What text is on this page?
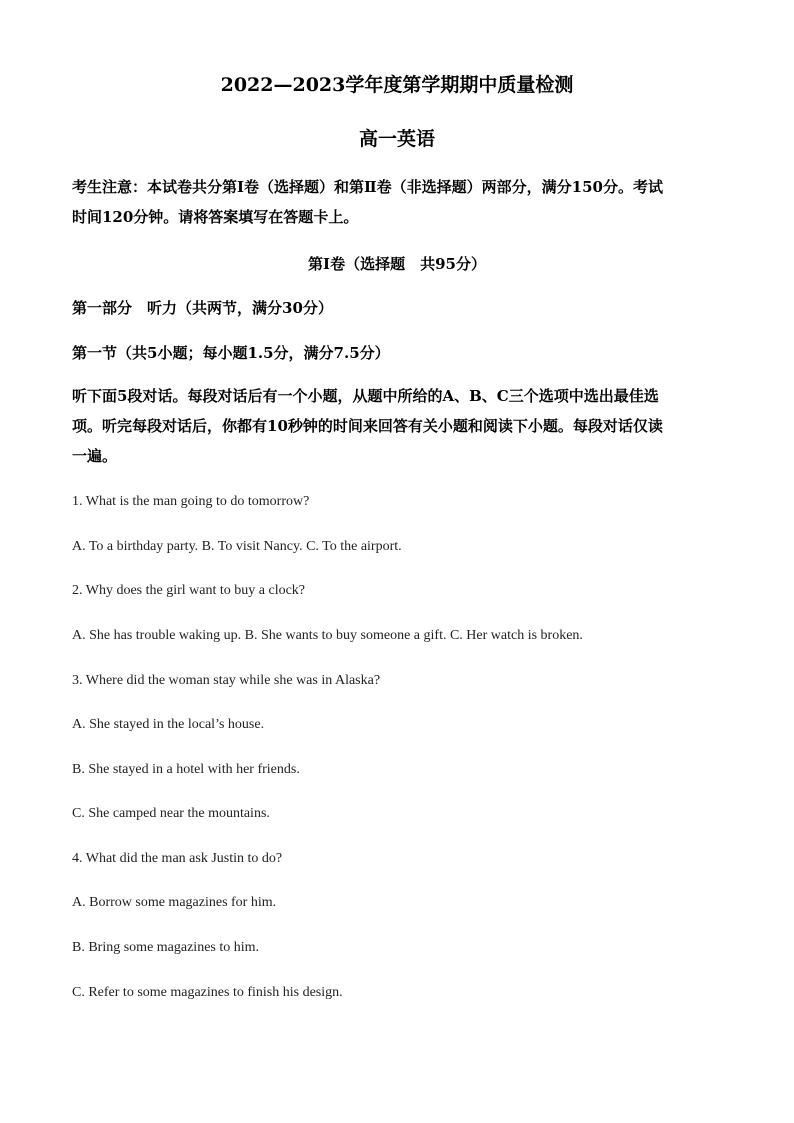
2022—2023学年度第学期期中质量检测
高一英语
考生注意：本试卷共分第Ⅰ卷（选择题）和第Ⅱ卷（非选择题）两部分，满分150分。考试
时间120分钟。请将答案填写在答题卡上。
第Ⅰ卷（选择题　共95分）
第一部分　听力（共两节，满分30分）
第一节（共5小题；每小题1.5分，满分7.5分）
听下面5段对话。每段对话后有一个小题，从题中所给的A、B、C三个选项中选出最佳选
项。听完每段对话后，你都有10秒钟的时间来回答有关小题和阅读下小题。每段对话仅读
一遍。
1. What is the man going to do tomorrow?
A. To a birthday party. B. To visit Nancy. C. To the airport.
2. Why does the girl want to buy a clock?
A. She has trouble waking up. B. She wants to buy someone a gift. C. Her watch is broken.
3. Where did the woman stay while she was in Alaska?
A. She stayed in the local’s house.
B. She stayed in a hotel with her friends.
C. She camped near the mountains.
4. What did the man ask Justin to do?
A. Borrow some magazines for him.
B. Bring some magazines to him.
C. Refer to some magazines to finish his design.
